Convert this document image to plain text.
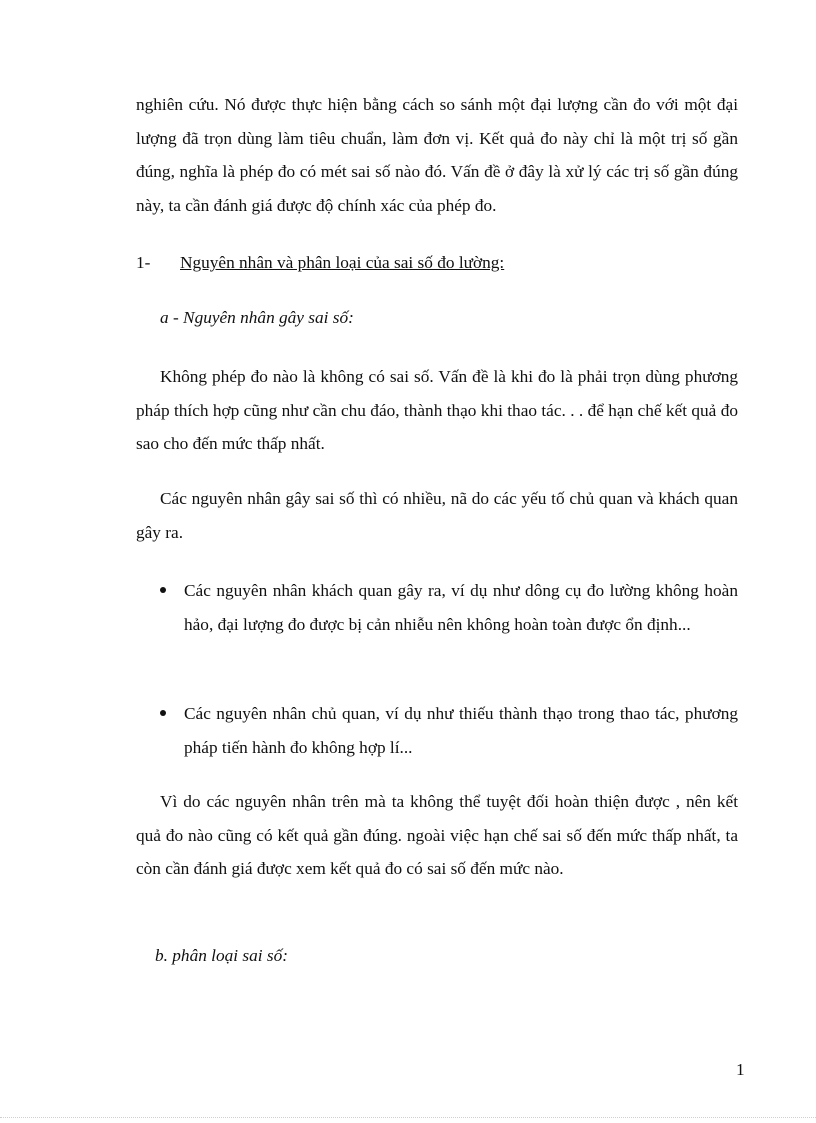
nghiên cứu. Nó được thực hiện bằng cách so sánh một đại lượng cần đo với một đại lượng đã trọn dùng làm tiêu chuẩn, làm đơn vị. Kết quả đo này chỉ là một trị số gần đúng, nghĩa là phép đo có mét sai số nào đó. Vấn đề ở đây là xử lý các trị số gần đúng này, ta cần đánh giá được độ chính xác của phép đo.
1- Nguyên nhân và phân loại của sai số đo lường:
a - Nguyên nhân gây sai số:
Không phép đo nào là không có sai số. Vấn đề là khi đo là phải trọn dùng phương pháp thích hợp cũng như cần chu đáo, thành thạo khi thao tác. . . để hạn chế kết quả đo sao cho đến mức thấp nhất.
Các nguyên nhân gây sai số thì có nhiều, nã do các yếu tố chủ quan và khách quan gây ra.
Các nguyên nhân khách quan gây ra, ví dụ như dông cụ đo lường không hoàn hảo, đại lượng đo được bị cản nhiễu nên không hoàn toàn được ổn định...
Các nguyên nhân chủ quan, ví dụ như thiếu thành thạo trong thao tác, phương pháp tiến hành đo không hợp lí...
Vì do các nguyên nhân trên mà ta không thể tuyệt đối hoàn thiện được , nên kết quả đo nào cũng có kết quả gần đúng. ngoài việc hạn chế sai số đến mức thấp nhất, ta còn cần đánh giá được xem kết quả đo có sai số đến mức nào.
b. phân loại sai số:
1
